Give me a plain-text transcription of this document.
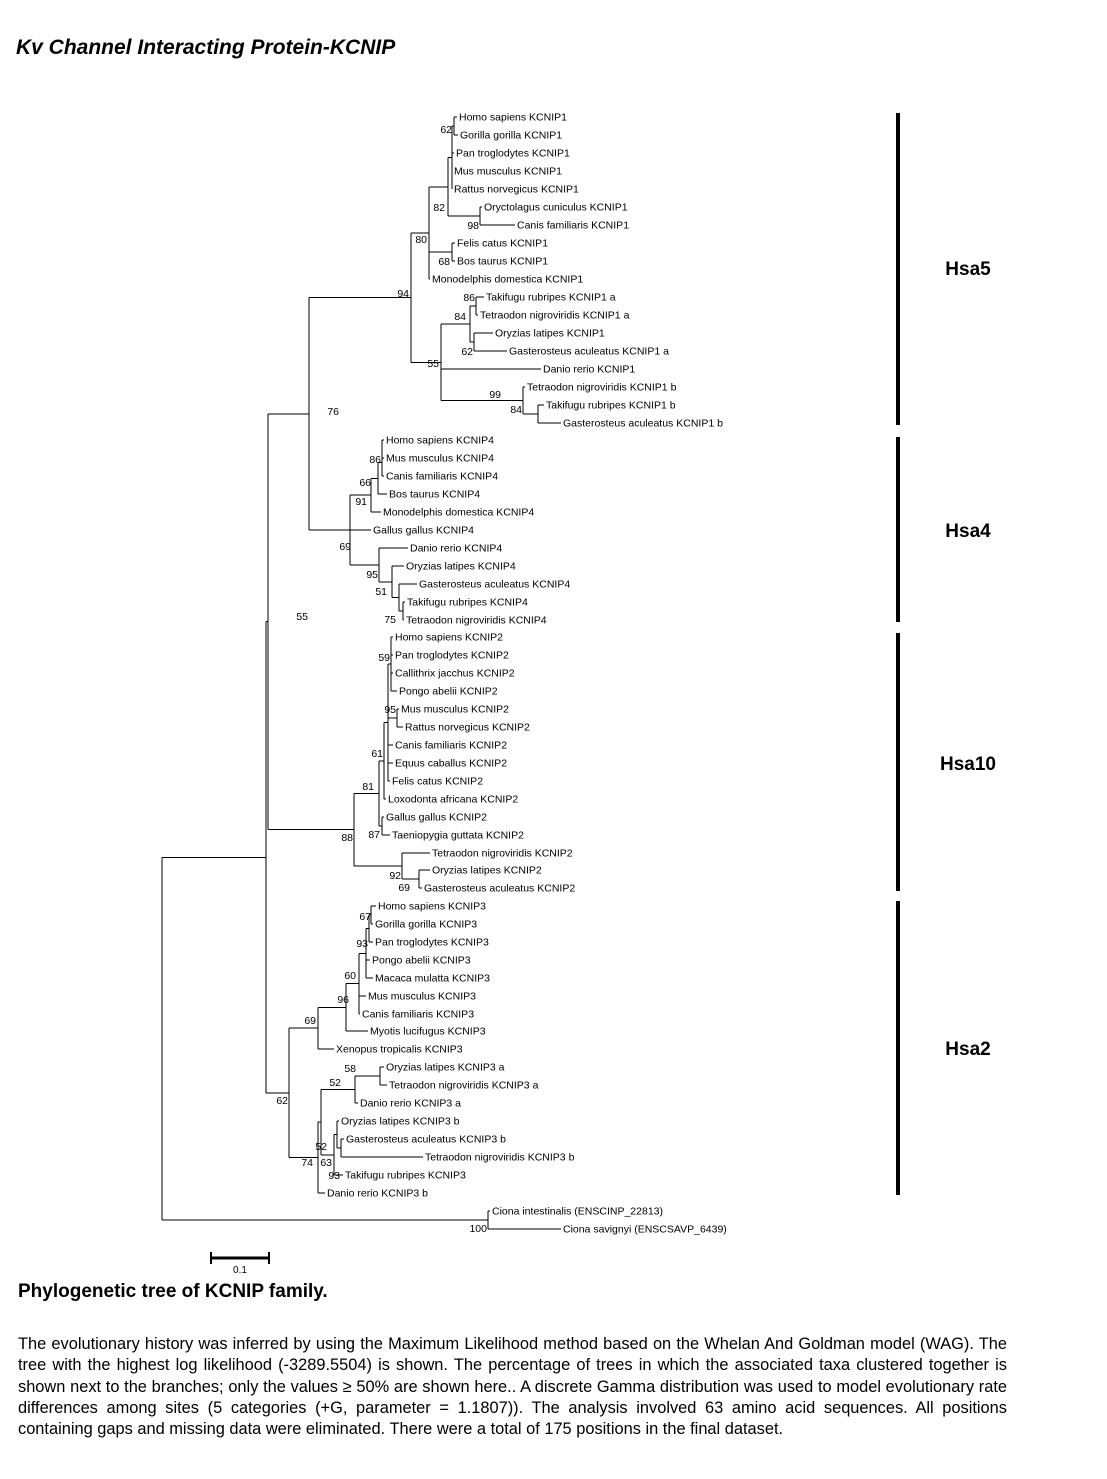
Kv Channel Interacting Protein-KCNIP
Homo sapiens KCNIP1
Gorilla gorilla KCNIP1
Pan troglodytes KCNIP1
Mus musculus KCNIP1
Rattus norvegicus KCNIP1
Oryctolagus cuniculus KCNIP1
Canis familiaris KCNIP1
Felis catus KCNIP1
Bos taurus KCNIP1
Monodelphis domestica KCNIP1
Takifugu rubripes KCNIP1 a
Tetraodon nigroviridis KCNIP1 a
Oryzias latipes KCNIP1
Gasterosteus aculeatus KCNIP1 a
Danio rerio KCNIP1
Tetraodon nigroviridis KCNIP1 b
Takifugu rubripes KCNIP1 b
Gasterosteus aculeatus KCNIP1 b
Homo sapiens KCNIP4
Mus musculus KCNIP4
Canis familiaris KCNIP4
Bos taurus KCNIP4
Monodelphis domestica KCNIP4
Gallus gallus KCNIP4
Danio rerio KCNIP4
Oryzias latipes KCNIP4
Gasterosteus aculeatus KCNIP4
Takifugu rubripes KCNIP4
Tetraodon nigroviridis KCNIP4
Homo sapiens KCNIP2
Pan troglodytes KCNIP2
Callithrix jacchus KCNIP2
Pongo abelii KCNIP2
Mus musculus KCNIP2
Rattus norvegicus KCNIP2
Canis familiaris KCNIP2
Equus caballus KCNIP2
Felis catus KCNIP2
Loxodonta africana KCNIP2
Gallus gallus KCNIP2
Taeniopygia guttata KCNIP2
Tetraodon nigroviridis KCNIP2
Oryzias latipes KCNIP2
Gasterosteus aculeatus KCNIP2
Homo sapiens KCNIP3
Gorilla gorilla KCNIP3
Pan troglodytes KCNIP3
Pongo abelii KCNIP3
Macaca mulatta KCNIP3
Mus musculus KCNIP3
Canis familiaris KCNIP3
Myotis lucifugus KCNIP3
Xenopus tropicalis KCNIP3
Oryzias latipes KCNIP3 a
Tetraodon nigroviridis KCNIP3 a
Danio rerio KCNIP3 a
Oryzias latipes KCNIP3 b
Gasterosteus aculeatus KCNIP3 b
Tetraodon nigroviridis KCNIP3 b
Takifugu rubripes KCNIP3
Danio rerio KCNIP3 b
Ciona intestinalis (ENSCINP_22813)
Ciona savignyi (ENSCSAVP_6439)
62
82
98
80
68
94	86
84
62
55
99
84
76
86
66
91
69
95
51
75
55
59
95
61
81
87
88
92
69
67
93
60
96
69
58
52
62
52
74 63
93
100
Hsa5
Hsa4
Hsa10
Hsa2
0.1
Phylogenetic tree of KCNIP family.

The evolutionary history was inferred by using the Maximum Likelihood method based on the Whelan And Goldman model (WAG). The tree with the highest log likelihood (-3289.5504) is shown. The percentage of trees in which the associated taxa clustered together is shown next to the branches; only the values ≥ 50% are shown here.. A discrete Gamma distribution was used to model evolutionary rate differences among sites (5 categories (+G, parameter = 1.1807)). The analysis involved 63 amino acid sequences. All positions containing gaps and missing data were eliminated. There were a total of 175 positions in the final dataset.
